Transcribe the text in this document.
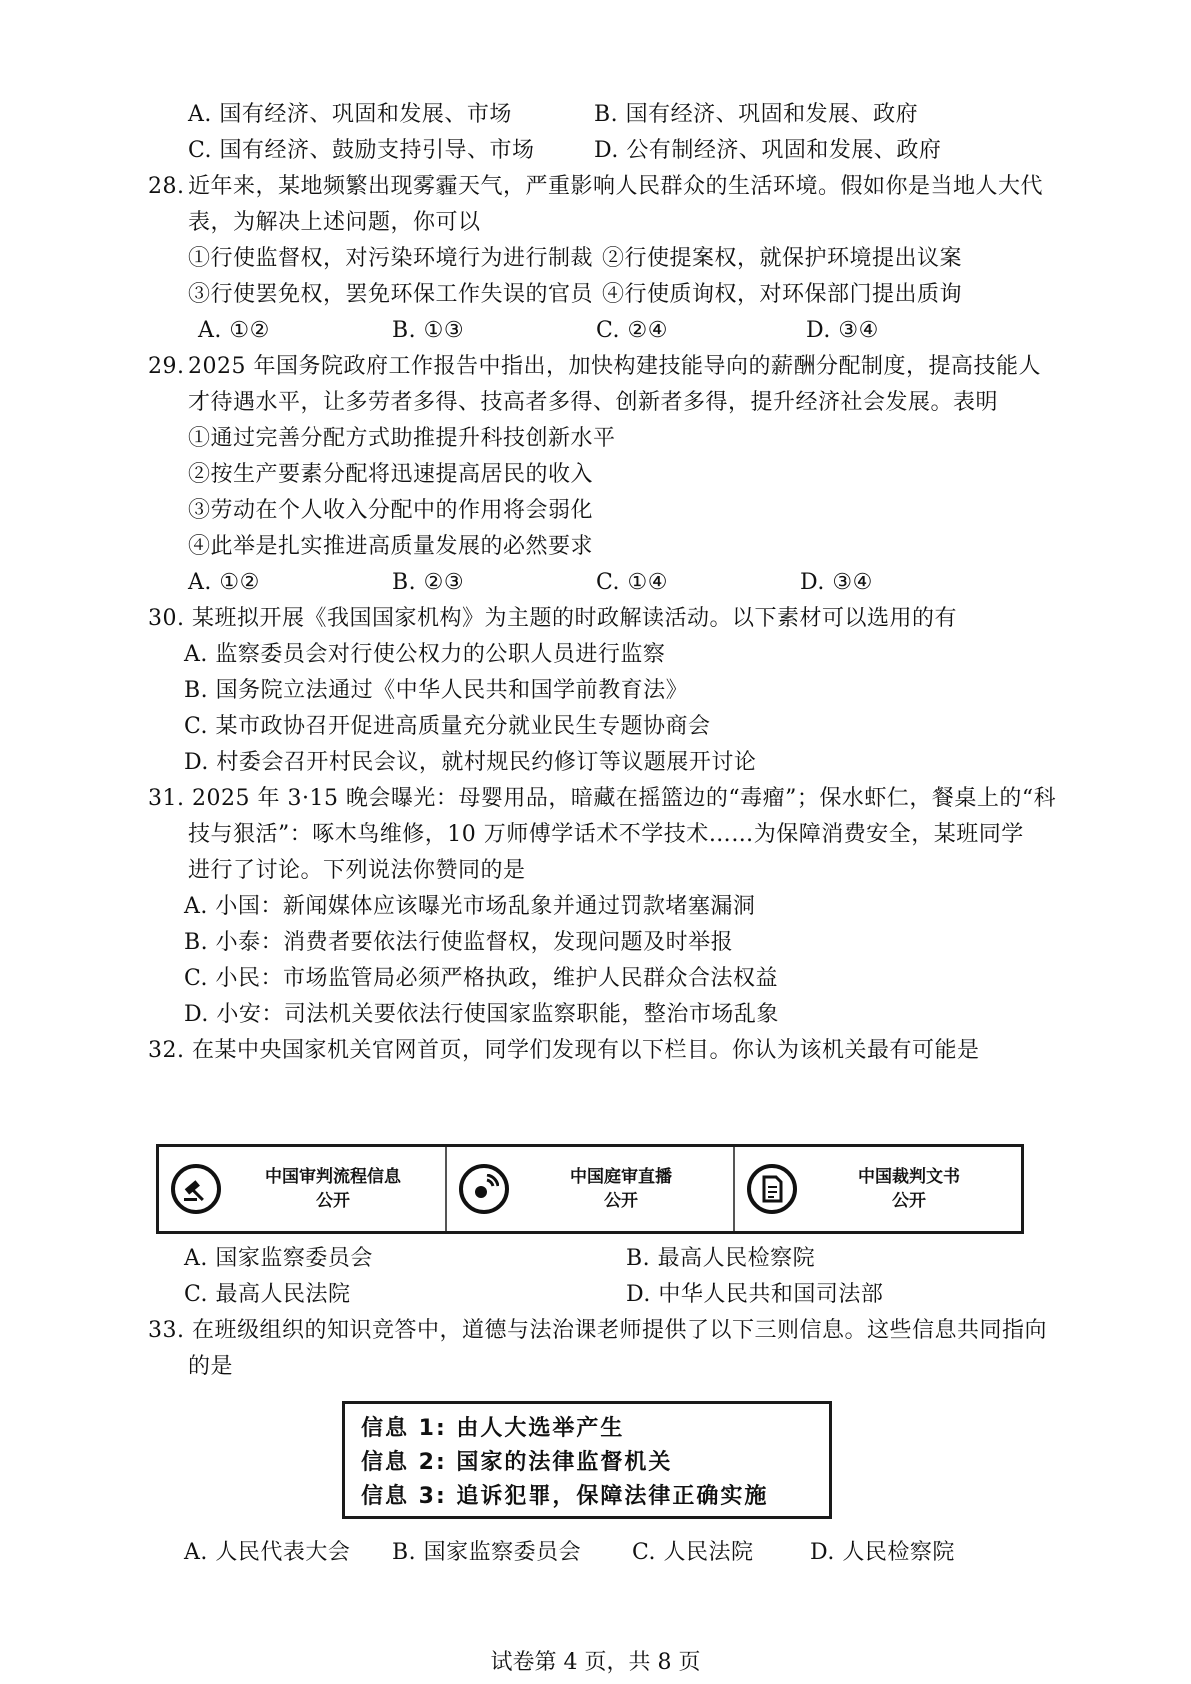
A. 国有经济、巩固和发展、市场	B. 国有经济、巩固和发展、政府
C. 国有经济、鼓励支持引导、市场	D. 公有制经济、巩固和发展、政府
28. 近年来，某地频繁出现雾霾天气，严重影响人民群众的生活环境。假如你是当地人大代
表，为解决上述问题，你可以
①行使监督权，对污染环境行为进行制裁 ②行使提案权，就保护环境提出议案
③行使罢免权，罢免环保工作失误的官员 ④行使质询权，对环保部门提出质询
A. ①②	B. ①③	C. ②④	D. ③④
29. 2025 年国务院政府工作报告中指出，加快构建技能导向的薪酬分配制度，提高技能人
才待遇水平，让多劳者多得、技高者多得、创新者多得，提升经济社会发展。表明
①通过完善分配方式助推提升科技创新水平
②按生产要素分配将迅速提高居民的收入
③劳动在个人收入分配中的作用将会弱化
④此举是扎实推进高质量发展的必然要求
A. ①②	B. ②③	C. ①④	D. ③④
30. 某班拟开展《我国国家机构》为主题的时政解读活动。以下素材可以选用的有
A. 监察委员会对行使公权力的公职人员进行监察
B. 国务院立法通过《中华人民共和国学前教育法》
C. 某市政协召开促进高质量充分就业民生专题协商会
D. 村委会召开村民会议，就村规民约修订等议题展开讨论
31. 2025 年 3·15 晚会曝光：母婴用品，暗藏在摇篮边的“毒瘤”；保水虾仁，餐桌上的“科
技与狠活”：啄木鸟维修，10 万师傅学话术不学技术……为保障消费安全，某班同学
进行了讨论。下列说法你赞同的是
A. 小国：新闻媒体应该曝光市场乱象并通过罚款堵塞漏洞
B. 小泰：消费者要依法行使监督权，发现问题及时举报
C. 小民：市场监管局必须严格执政，维护人民群众合法权益
D. 小安：司法机关要依法行使国家监察职能，整治市场乱象
32. 在某中央国家机关官网首页，同学们发现有以下栏目。你认为该机关最有可能是
中国审判流程信息
公开
中国庭审直播
公开
中国裁判文书
公开
A. 国家监察委员会	B. 最高人民检察院
C. 最高人民法院	D. 中华人民共和国司法部
33. 在班级组织的知识竞答中，道德与法治课老师提供了以下三则信息。这些信息共同指向
的是
信息 1: 由人大选举产生
信息 2: 国家的法律监督机关
信息 3: 追诉犯罪，保障法律正确实施
A. 人民代表大会 B. 国家监察委员会 C. 人民法院	D. 人民检察院
试卷第 4 页，共 8 页
